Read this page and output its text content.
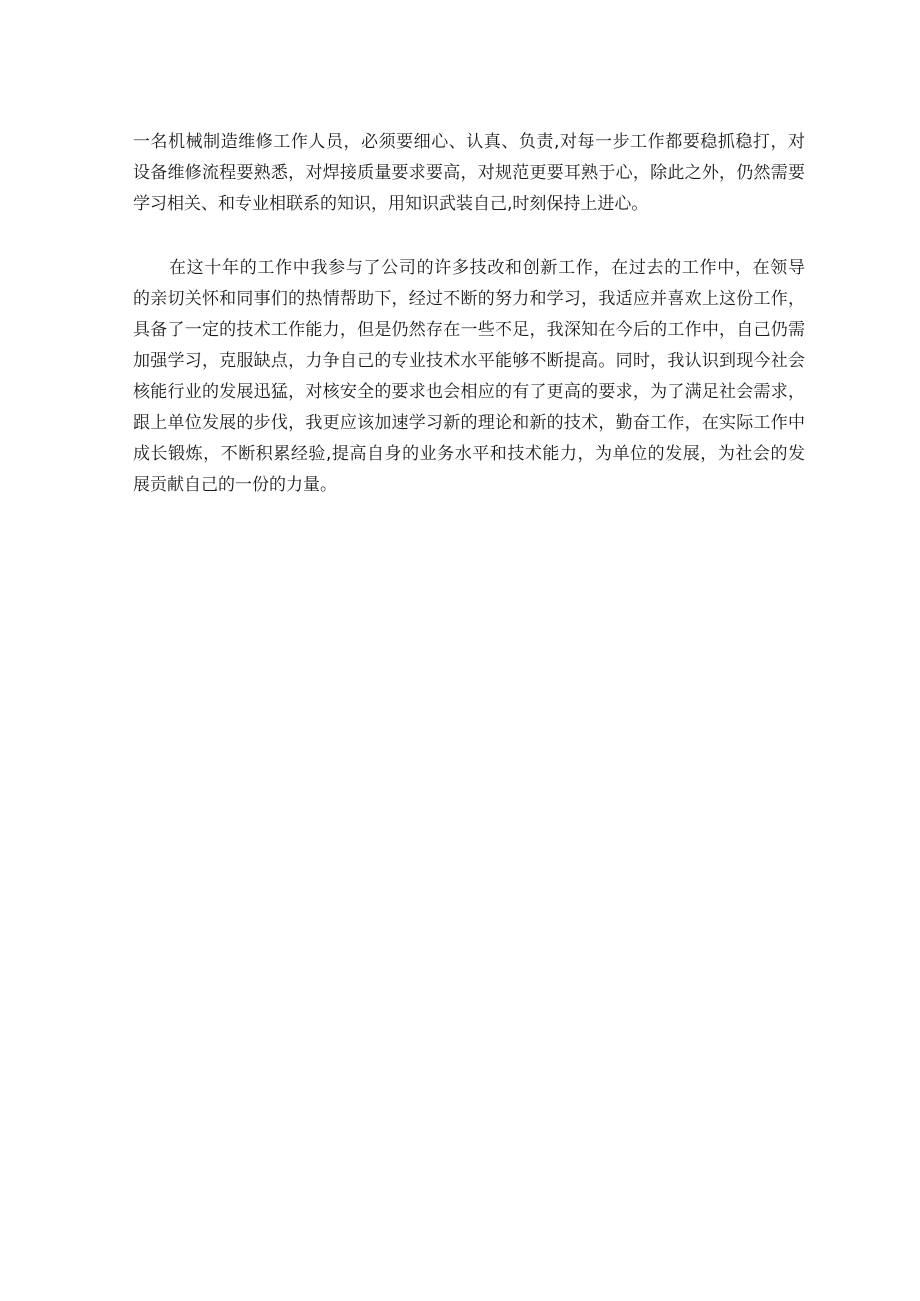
一名机械制造维修工作人员，必须要细心、认真、负责,对每一步工作都要稳抓稳打，对
设备维修流程要熟悉，对焊接质量要求要高，对规范更要耳熟于心，除此之外，仍然需要
学习相关、和专业相联系的知识，用知识武装自己,时刻保持上进心。
在这十年的工作中我参与了公司的许多技改和创新工作，在过去的工作中，在领导
的亲切关怀和同事们的热情帮助下，经过不断的努力和学习，我适应并喜欢上这份工作，
具备了一定的技术工作能力，但是仍然存在一些不足，我深知在今后的工作中，自己仍需
加强学习，克服缺点，力争自己的专业技术水平能够不断提高。同时，我认识到现今社会
核能行业的发展迅猛，对核安全的要求也会相应的有了更高的要求，为了满足社会需求，
跟上单位发展的步伐，我更应该加速学习新的理论和新的技术，勤奋工作，在实际工作中
成长锻炼，不断积累经验,提高自身的业务水平和技术能力，为单位的发展，为社会的发
展贡献自己的一份的力量。
